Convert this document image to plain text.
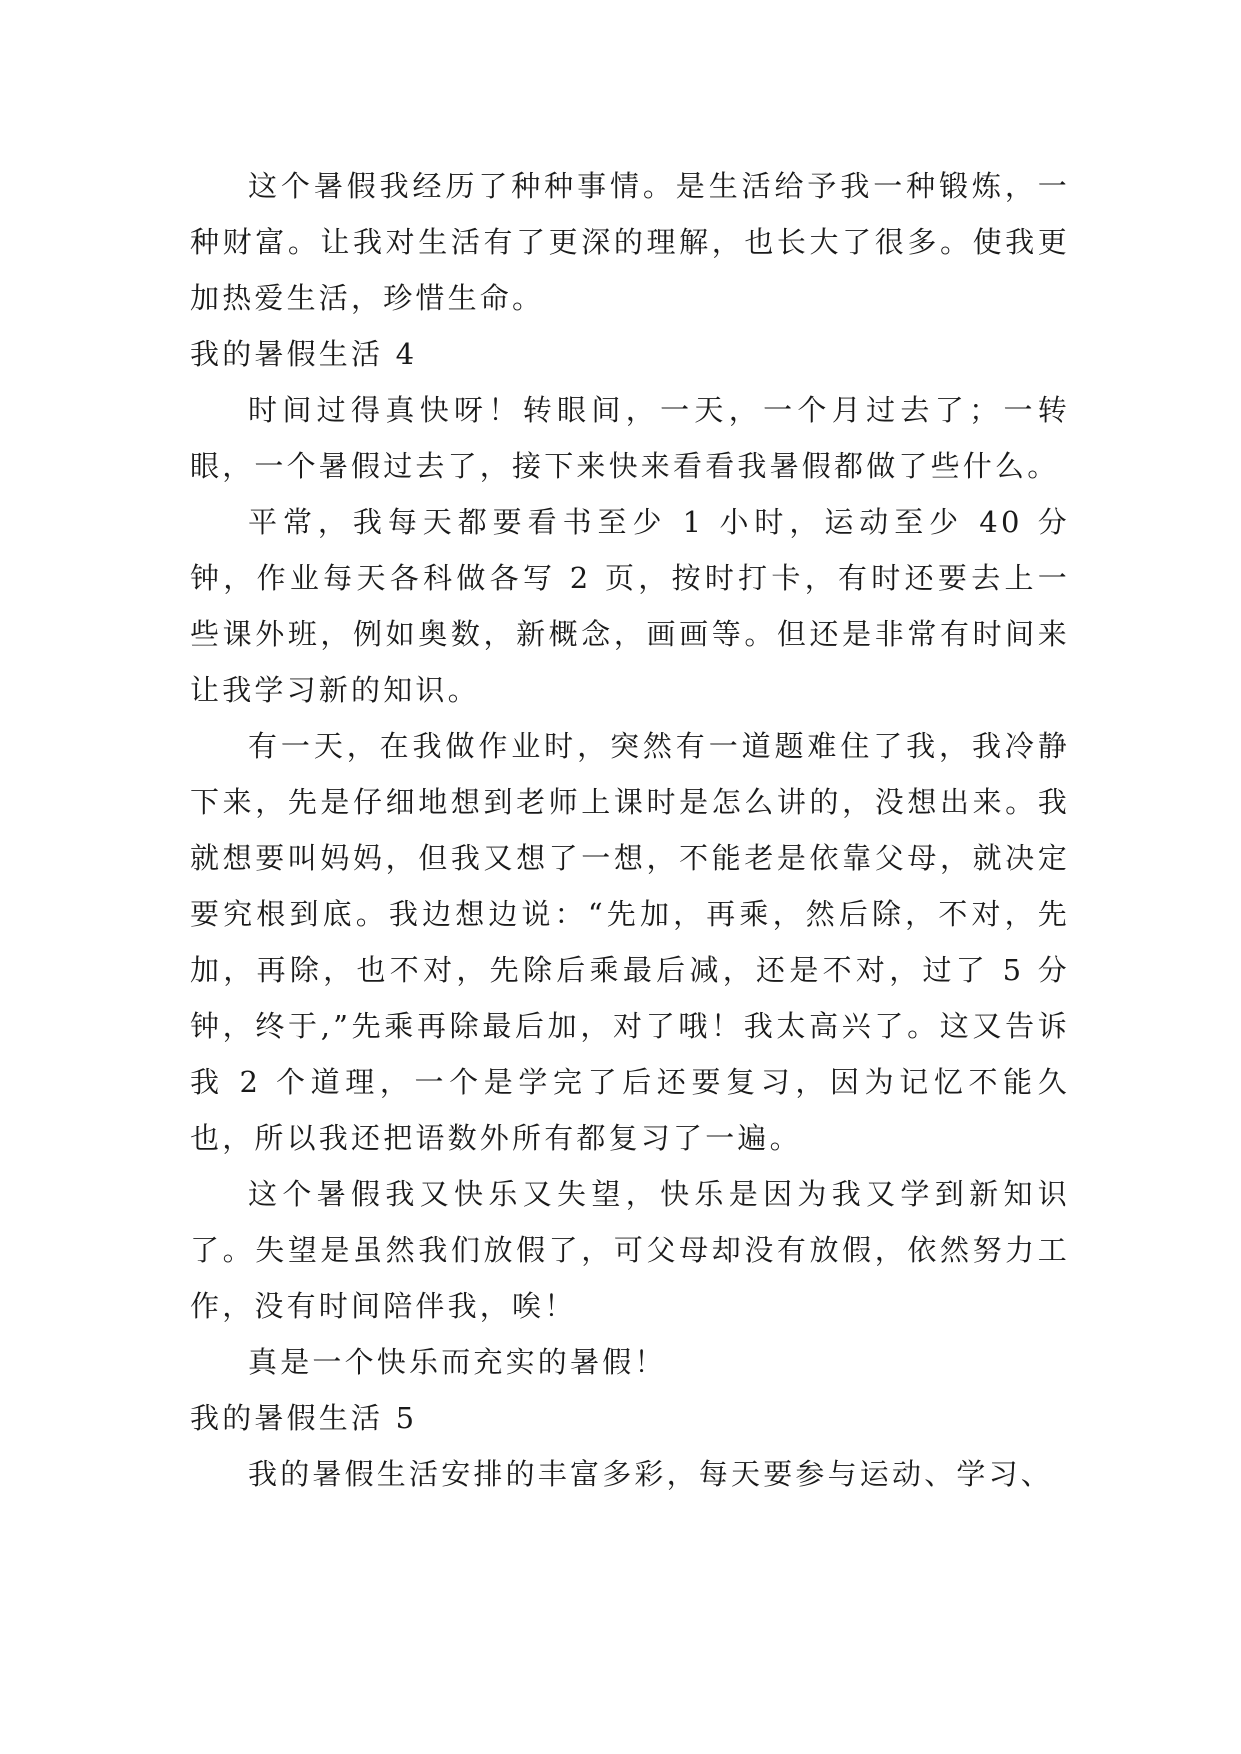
这个暑假我经历了种种事情。是生活给予我一种锻炼，一种财富。让我对生活有了更深的理解，也长大了很多。使我更加热爱生活，珍惜生命。

我的暑假生活 4

时间过得真快呀！转眼间，一天，一个月过去了；一转眼，一个暑假过去了，接下来快来看看我暑假都做了些什么。

平常，我每天都要看书至少 1 小时，运动至少 40 分钟，作业每天各科做各写 2 页，按时打卡，有时还要去上一些课外班，例如奥数，新概念，画画等。但还是非常有时间来让我学习新的知识。

有一天，在我做作业时，突然有一道题难住了我，我冷静下来，先是仔细地想到老师上课时是怎么讲的，没想出来。我就想要叫妈妈，但我又想了一想，不能老是依靠父母，就决定要究根到底。我边想边说：“先加，再乘，然后除，不对，先加，再除，也不对，先除后乘最后减，还是不对，过了 5 分钟，终于,”先乘再除最后加，对了哦！我太高兴了。这又告诉我 2 个道理，一个是学完了后还要复习，因为记忆不能久也，所以我还把语数外所有都复习了一遍。

这个暑假我又快乐又失望，快乐是因为我又学到新知识了。失望是虽然我们放假了，可父母却没有放假，依然努力工作，没有时间陪伴我，唉！

真是一个快乐而充实的暑假！

我的暑假生活 5

我的暑假生活安排的丰富多彩，每天要参与运动、学习、
